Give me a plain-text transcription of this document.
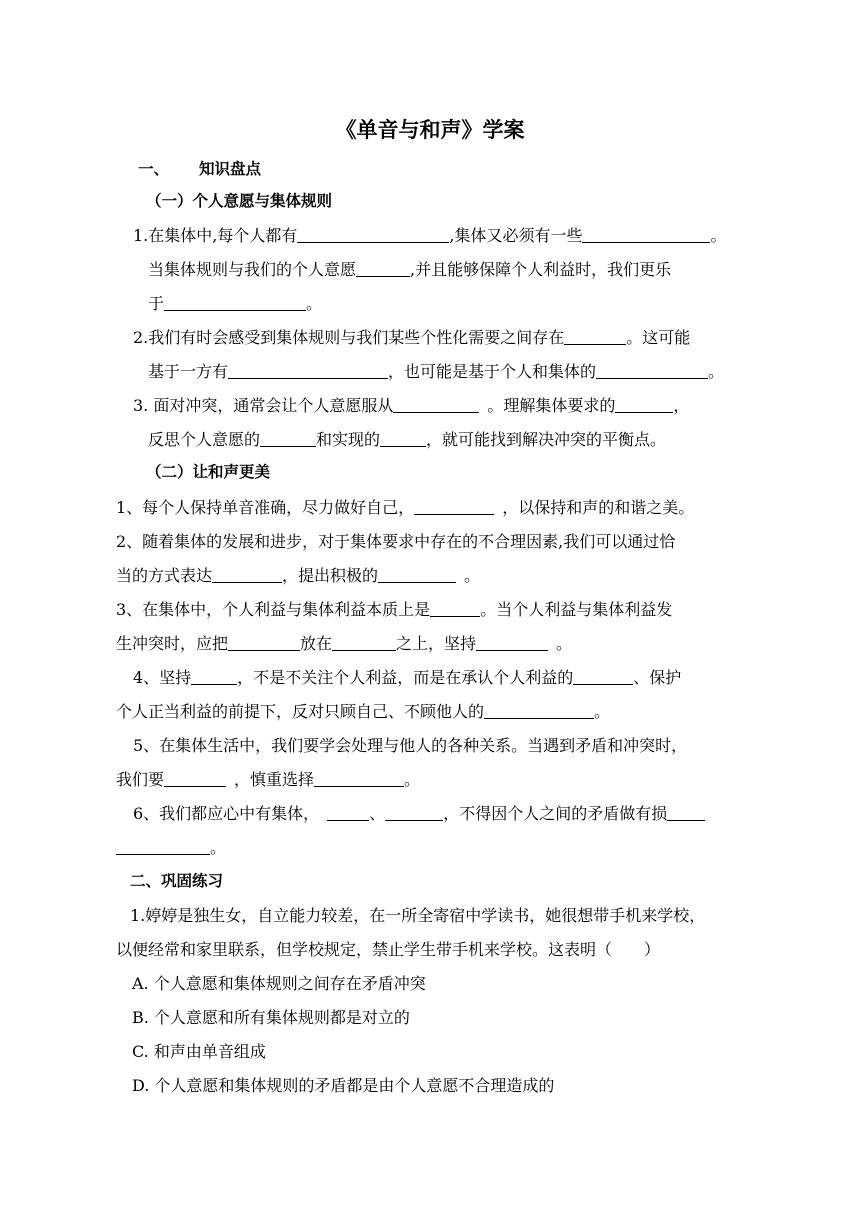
《单音与和声》学案
一、 知识盘点
（一）个人意愿与集体规则
1.在集体中,每个人都有	,集体又必须有一些	。
当集体规则与我们的个人意愿	,并且能够保障个人利益时，我们更乐
于	。
2.我们有时会感受到集体规则与我们某些个性化需要之间存在	。这可能
基于一方有	，也可能是基于个人和集体的	。
3. 面对冲突，通常会让个人意愿服从	。理解集体要求的	，
反思个人意愿的	和实现的	，就可能找到解决冲突的平衡点。
（二）让和声更美
1、每个人保持单音准确，尽力做好自己，	，以保持和声的和谐之美。
2、随着集体的发展和进步，对于集体要求中存在的不合理因素,我们可以通过恰
当的方式表达	，提出积极的	。
3、在集体中，个人利益与集体利益本质上是	。当个人利益与集体利益发
生冲突时，应把	放在	之上，坚持	。
4、坚持	，不是不关注个人利益，而是在承认个人利益的	、保护
个人正当利益的前提下，反对只顾自己、不顾他人的	。
5、在集体生活中，我们要学会处理与他人的各种关系。当遇到矛盾和冲突时，
我们要	，慎重选择	。
6、我们都应心中有集体，	、	，不得因个人之间的矛盾做有损
。
二、巩固练习
1.婷婷是独生女，自立能力较差，在一所全寄宿中学读书，她很想带手机来学校，
以便经常和家里联系，但学校规定，禁止学生带手机来学校。这表明（　　）
A. 个人意愿和集体规则之间存在矛盾冲突
B. 个人意愿和所有集体规则都是对立的
C. 和声由单音组成
D. 个人意愿和集体规则的矛盾都是由个人意愿不合理造成的
